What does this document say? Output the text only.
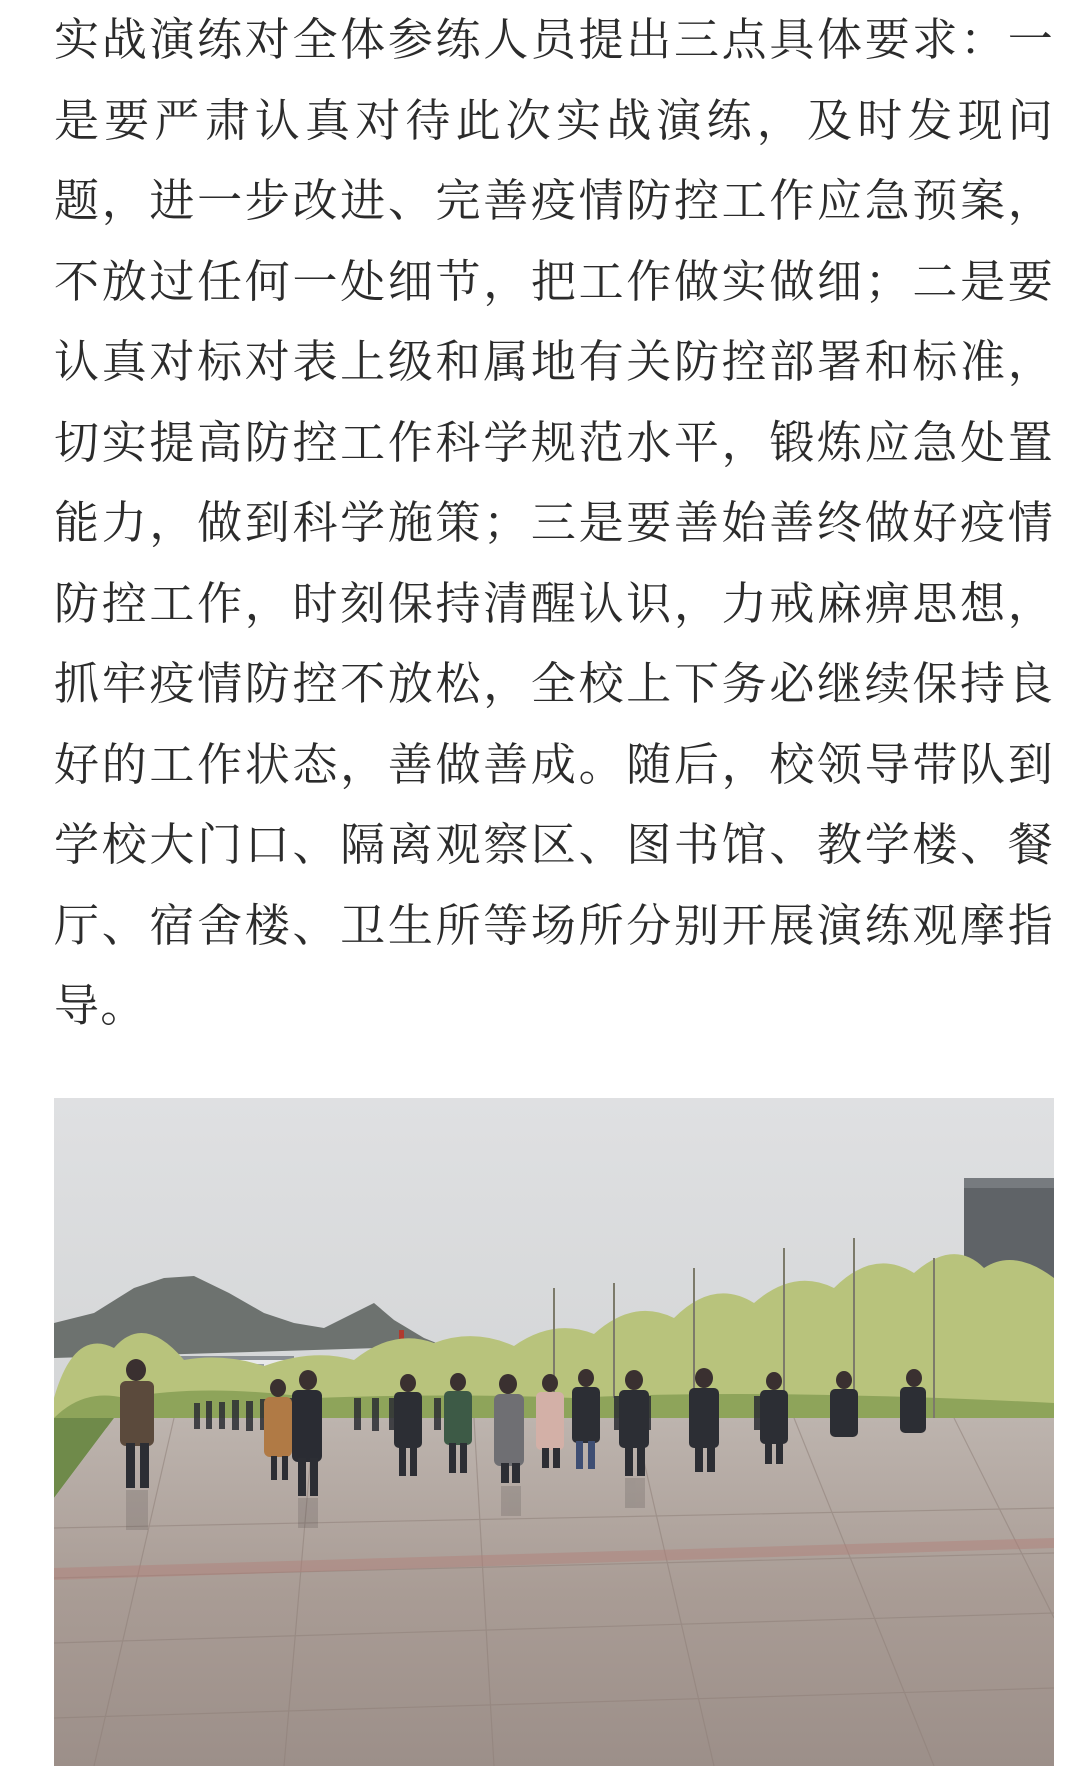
实战演练对全体参练人员提出三点具体要求：一是要严肃认真对待此次实战演练，及时发现问题，进一步改进、完善疫情防控工作应急预案，不放过任何一处细节，把工作做实做细；二是要认真对标对表上级和属地有关防控部署和标准，切实提高防控工作科学规范水平，锻炼应急处置能力，做到科学施策；三是要善始善终做好疫情防控工作，时刻保持清醒认识，力戒麻痹思想，抓牢疫情防控不放松，全校上下务必继续保持良好的工作状态，善做善成。随后，校领导带队到学校大门口、隔离观察区、图书馆、教学楼、餐厅、宿舍楼、卫生所等场所分别开展演练观摩指导。
